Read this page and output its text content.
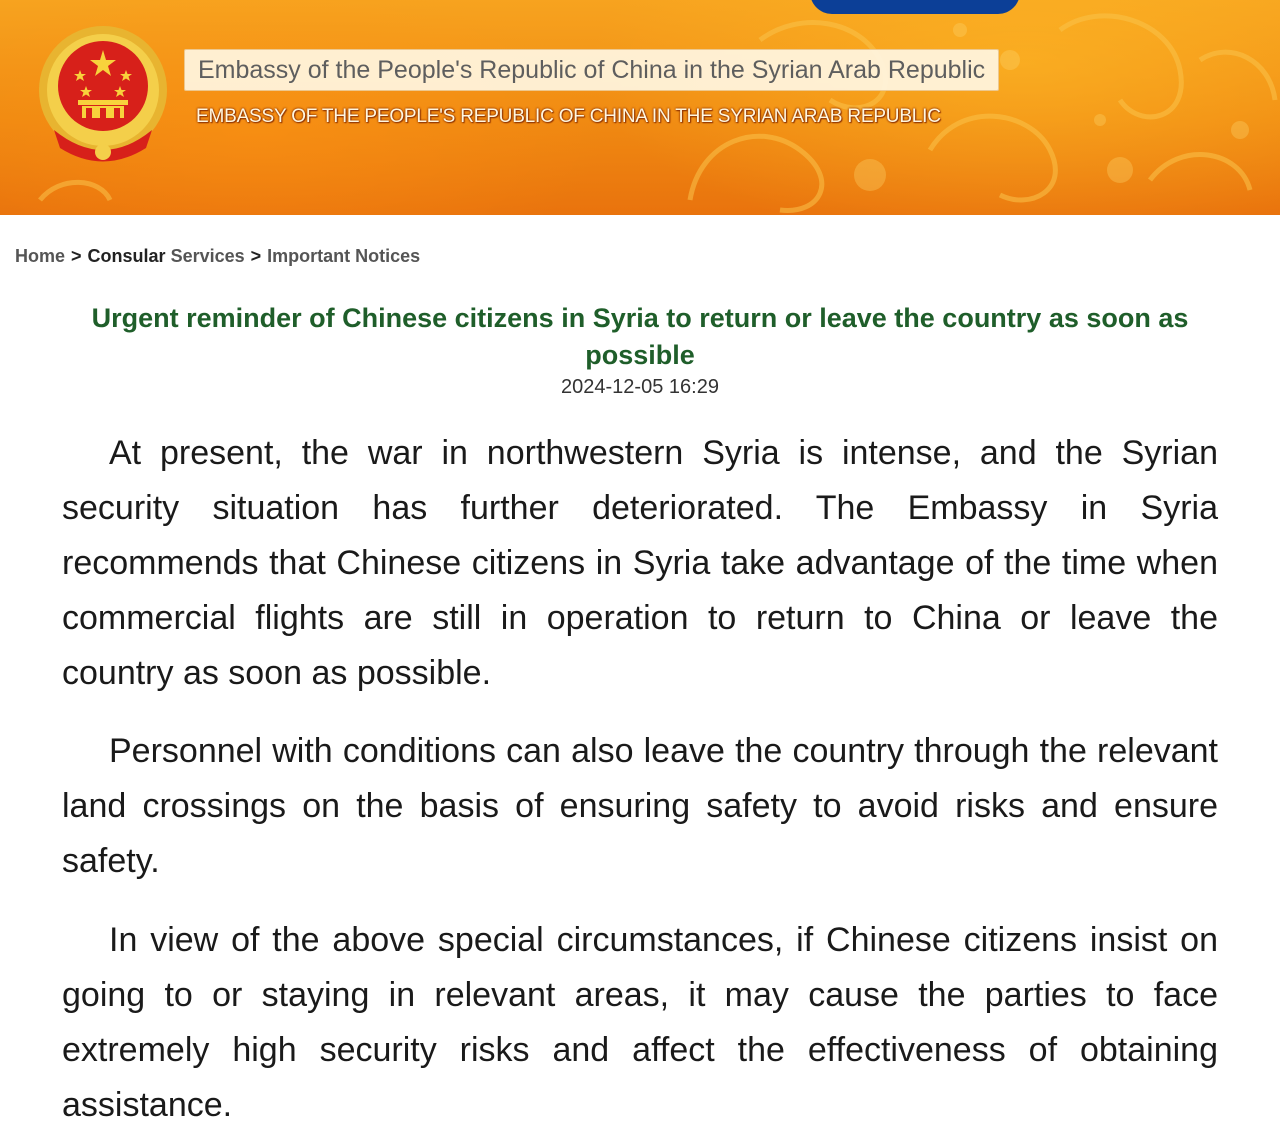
Embassy of the People's Republic of China in the Syrian Arab Republic
EMBASSY OF THE PEOPLE'S REPUBLIC OF CHINA IN THE SYRIAN ARAB REPUBLIC
Home > Consular Services > Important Notices
Urgent reminder of Chinese citizens in Syria to return or leave the country as soon as possible
2024-12-05 16:29

At present, the war in northwestern Syria is intense, and the Syrian security situation has further deteriorated. The Embassy in Syria recommends that Chinese citizens in Syria take advantage of the time when commercial flights are still in operation to return to China or leave the country as soon as possible.

Personnel with conditions can also leave the country through the relevant land crossings on the basis of ensuring safety to avoid risks and ensure safety.

In view of the above special circumstances, if Chinese citizens insist on going to or staying in relevant areas, it may cause the parties to face extremely high security risks and affect the effectiveness of obtaining assistance.
